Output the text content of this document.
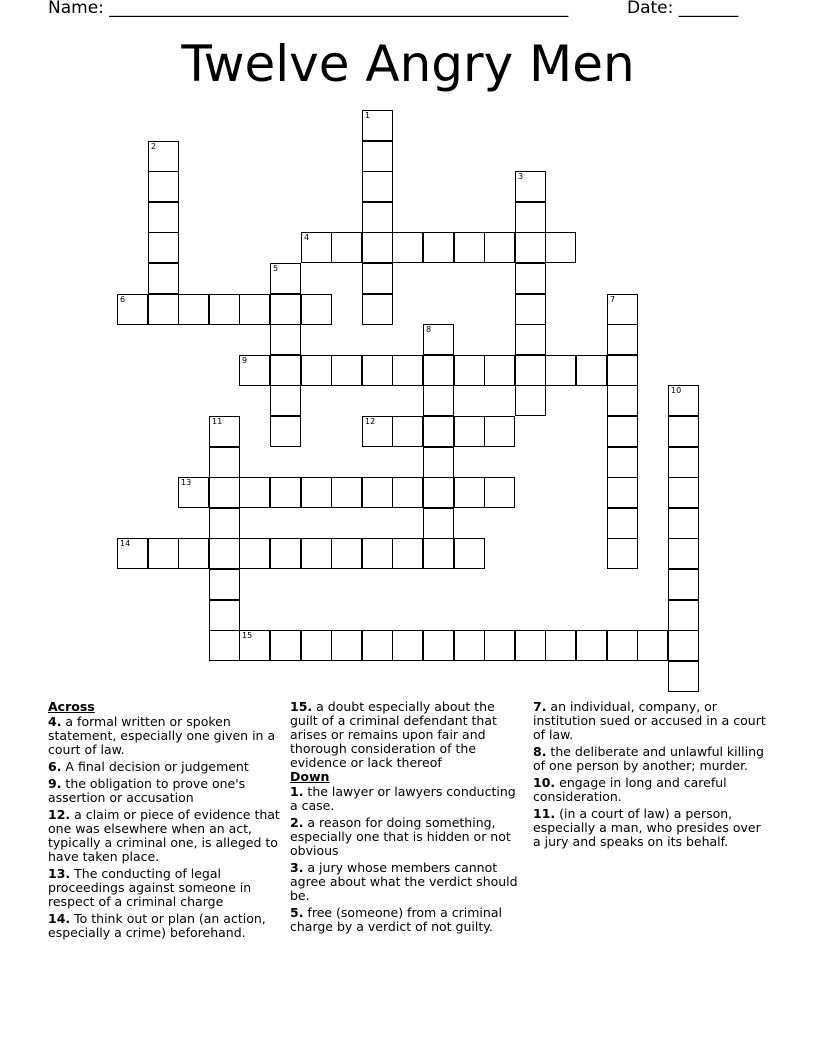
Name: ______________________________________________________	Date: _______
Twelve Angry Men
1
2
3
4
5
6	7
8
9
10
11	12
13
14
15
Across
4. a formal written or spoken statement, especially one given in a court of law.
6. A final decision or judgement
9. the obligation to prove one's assertion or accusation
12. a claim or piece of evidence that one was elsewhere when an act, typically a criminal one, is alleged to have taken place.
13. The conducting of legal proceedings against someone in respect of a criminal charge
14. To think out or plan (an action, especially a crime) beforehand.
15. a doubt especially about the guilt of a criminal defendant that arises or remains upon fair and thorough consideration of the evidence or lack thereof
Down
1. the lawyer or lawyers conducting a case.
2. a reason for doing something, especially one that is hidden or not obvious
3. a jury whose members cannot agree about what the verdict should be.
5. free (someone) from a criminal charge by a verdict of not guilty.
7. an individual, company, or institution sued or accused in a court of law.
8. the deliberate and unlawful killing of one person by another; murder.
10. engage in long and careful consideration.
11. (in a court of law) a person, especially a man, who presides over a jury and speaks on its behalf.
